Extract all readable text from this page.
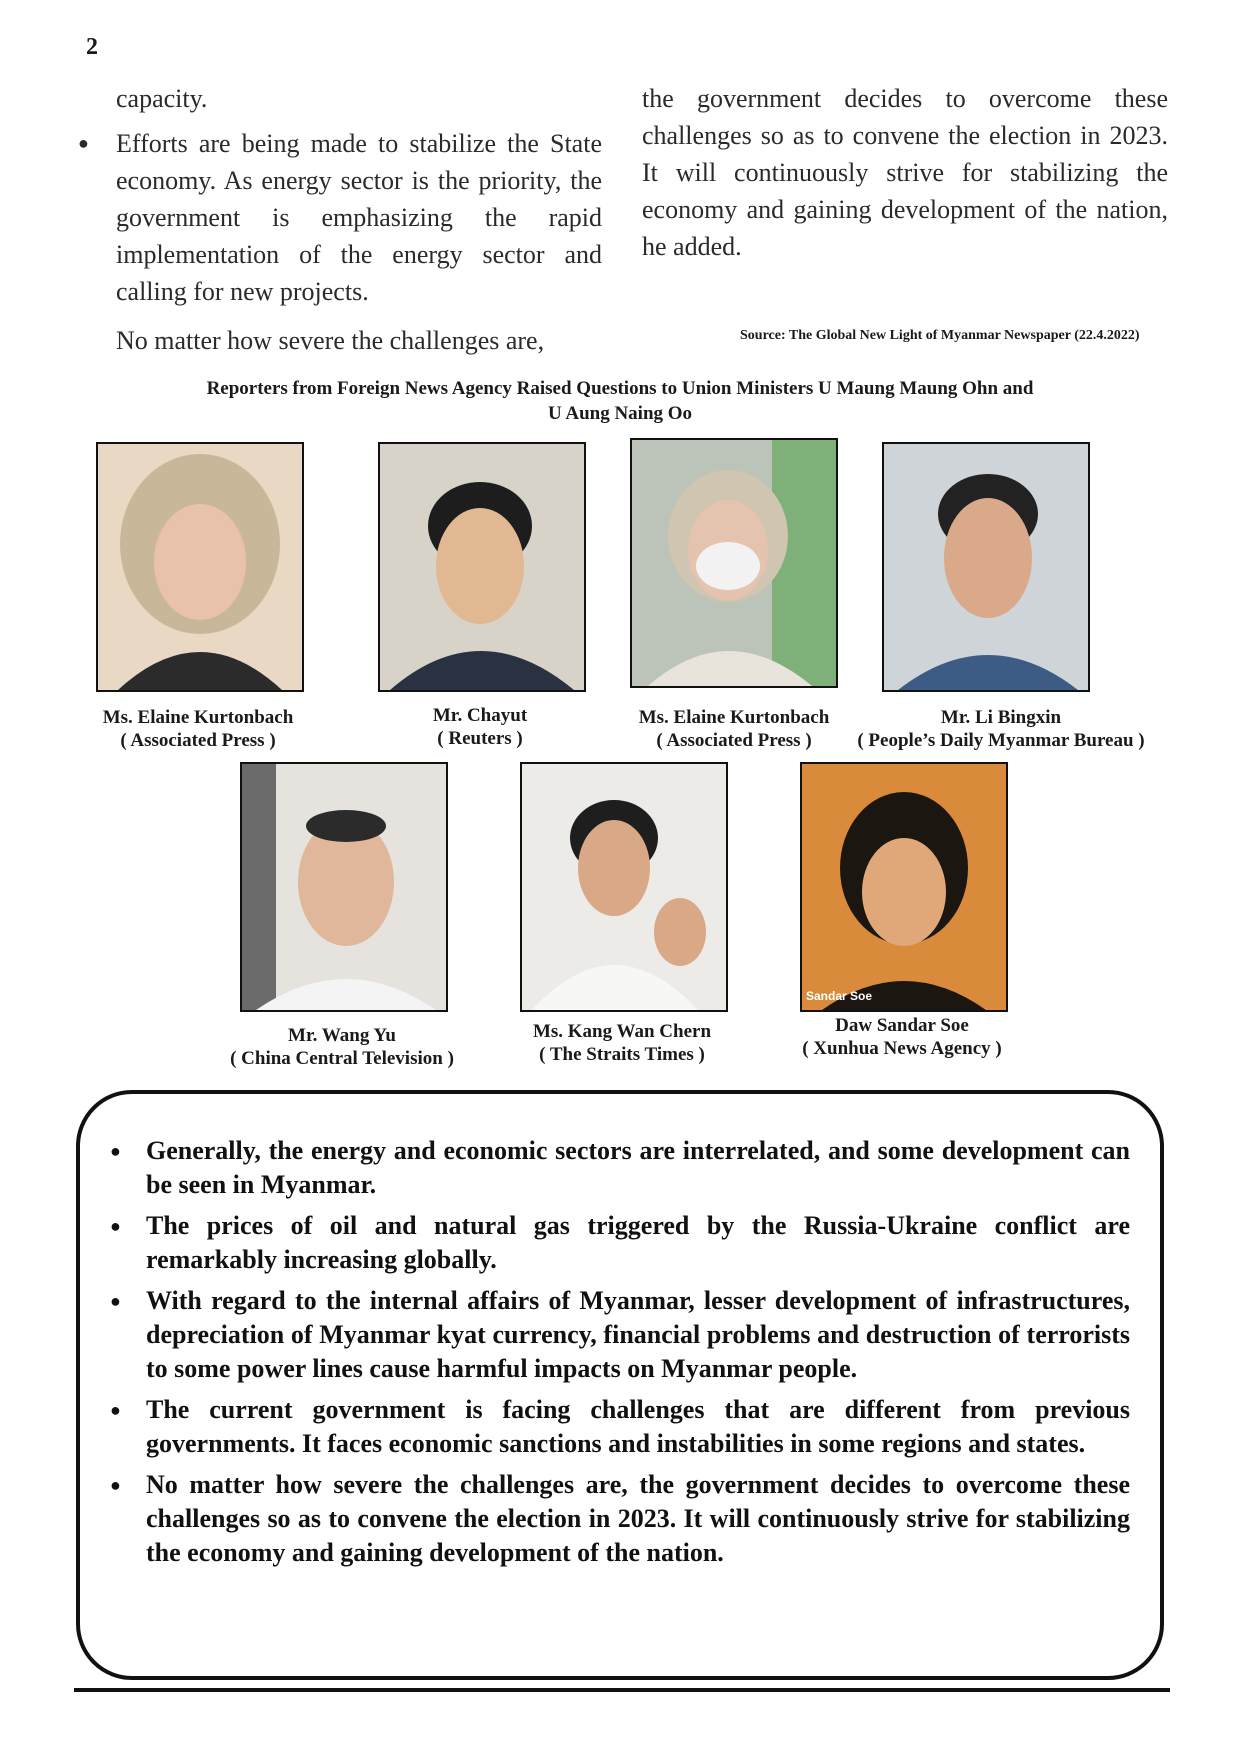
2

capacity.

●	Efforts are being made to stabilize the State economy. As energy sector is the priority, the government is emphasizing the rapid implementation of the energy sector and calling for new projects.

No matter how severe the challenges are,

the government decides to overcome these challenges so as to convene the election in 2023. It will continuously strive for stabilizing the economy and gaining development of the nation, he added.

Source: The Global New Light of Myanmar Newspaper (22.4.2022)
Reporters from Foreign News Agency Raised Questions to Union Ministers U Maung Maung Ohn and
U Aung Naing Oo
Ms. Elaine Kurtonbach
( Associated Press )
Mr. Chayut
( Reuters )
Ms. Elaine Kurtonbach
( Associated Press )
Mr. Li Bingxin
( People’s Daily Myanmar Bureau )
Sandar Soe
Mr. Wang Yu
( China Central Television )
Ms. Kang Wan Chern
( The Straits Times )
Daw Sandar Soe
( Xunhua News Agency )
● Generally, the energy and economic sectors are interrelated, and some development can be seen in Myanmar.
● The prices of oil and natural gas triggered by the Russia-Ukraine conflict are remarkably increasing globally.
● With regard to the internal affairs of Myanmar, lesser development of infrastructures, depreciation of Myanmar kyat currency, financial problems and destruction of terrorists to some power lines cause harmful impacts on Myanmar people.
● The current government is facing challenges that are different from previous governments. It faces economic sanctions and instabilities in some regions and states.
● No matter how severe the challenges are, the government decides to overcome these challenges so as to convene the election in 2023. It will continuously strive for stabilizing the economy and gaining development of the nation.
